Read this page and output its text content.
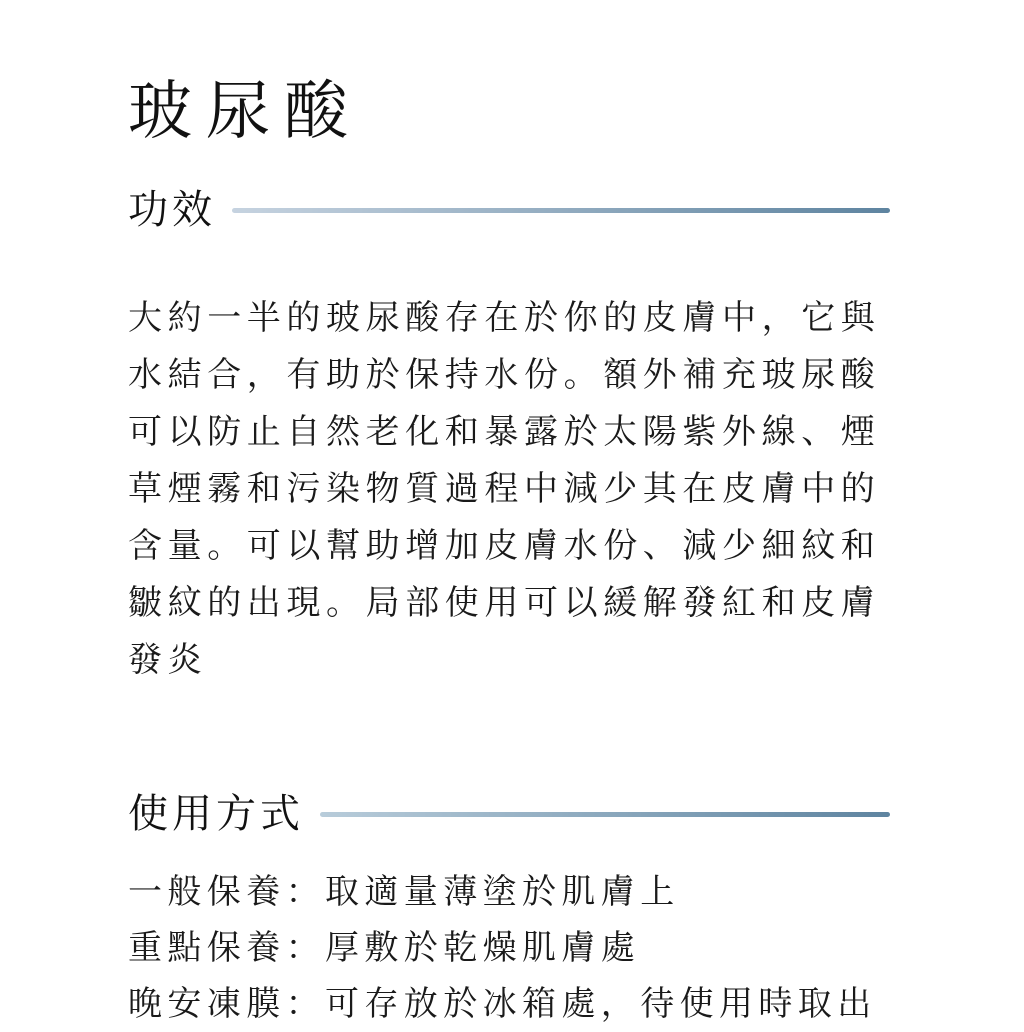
玻尿酸
功效

大約一半的玻尿酸存在於你的皮膚中，它與水結合，有助於保持水份。額外補充玻尿酸可以防止自然老化和暴露於太陽紫外線、煙草煙霧和污染物質過程中減少其在皮膚中的含量。可以幫助增加皮膚水份、減少細紋和皺紋的出現。局部使用可以緩解發紅和皮膚發炎

使用方式
一般保養：取適量薄塗於肌膚上
重點保養：厚敷於乾燥肌膚處
晚安凍膜：可存放於冰箱處，待使用時取出
